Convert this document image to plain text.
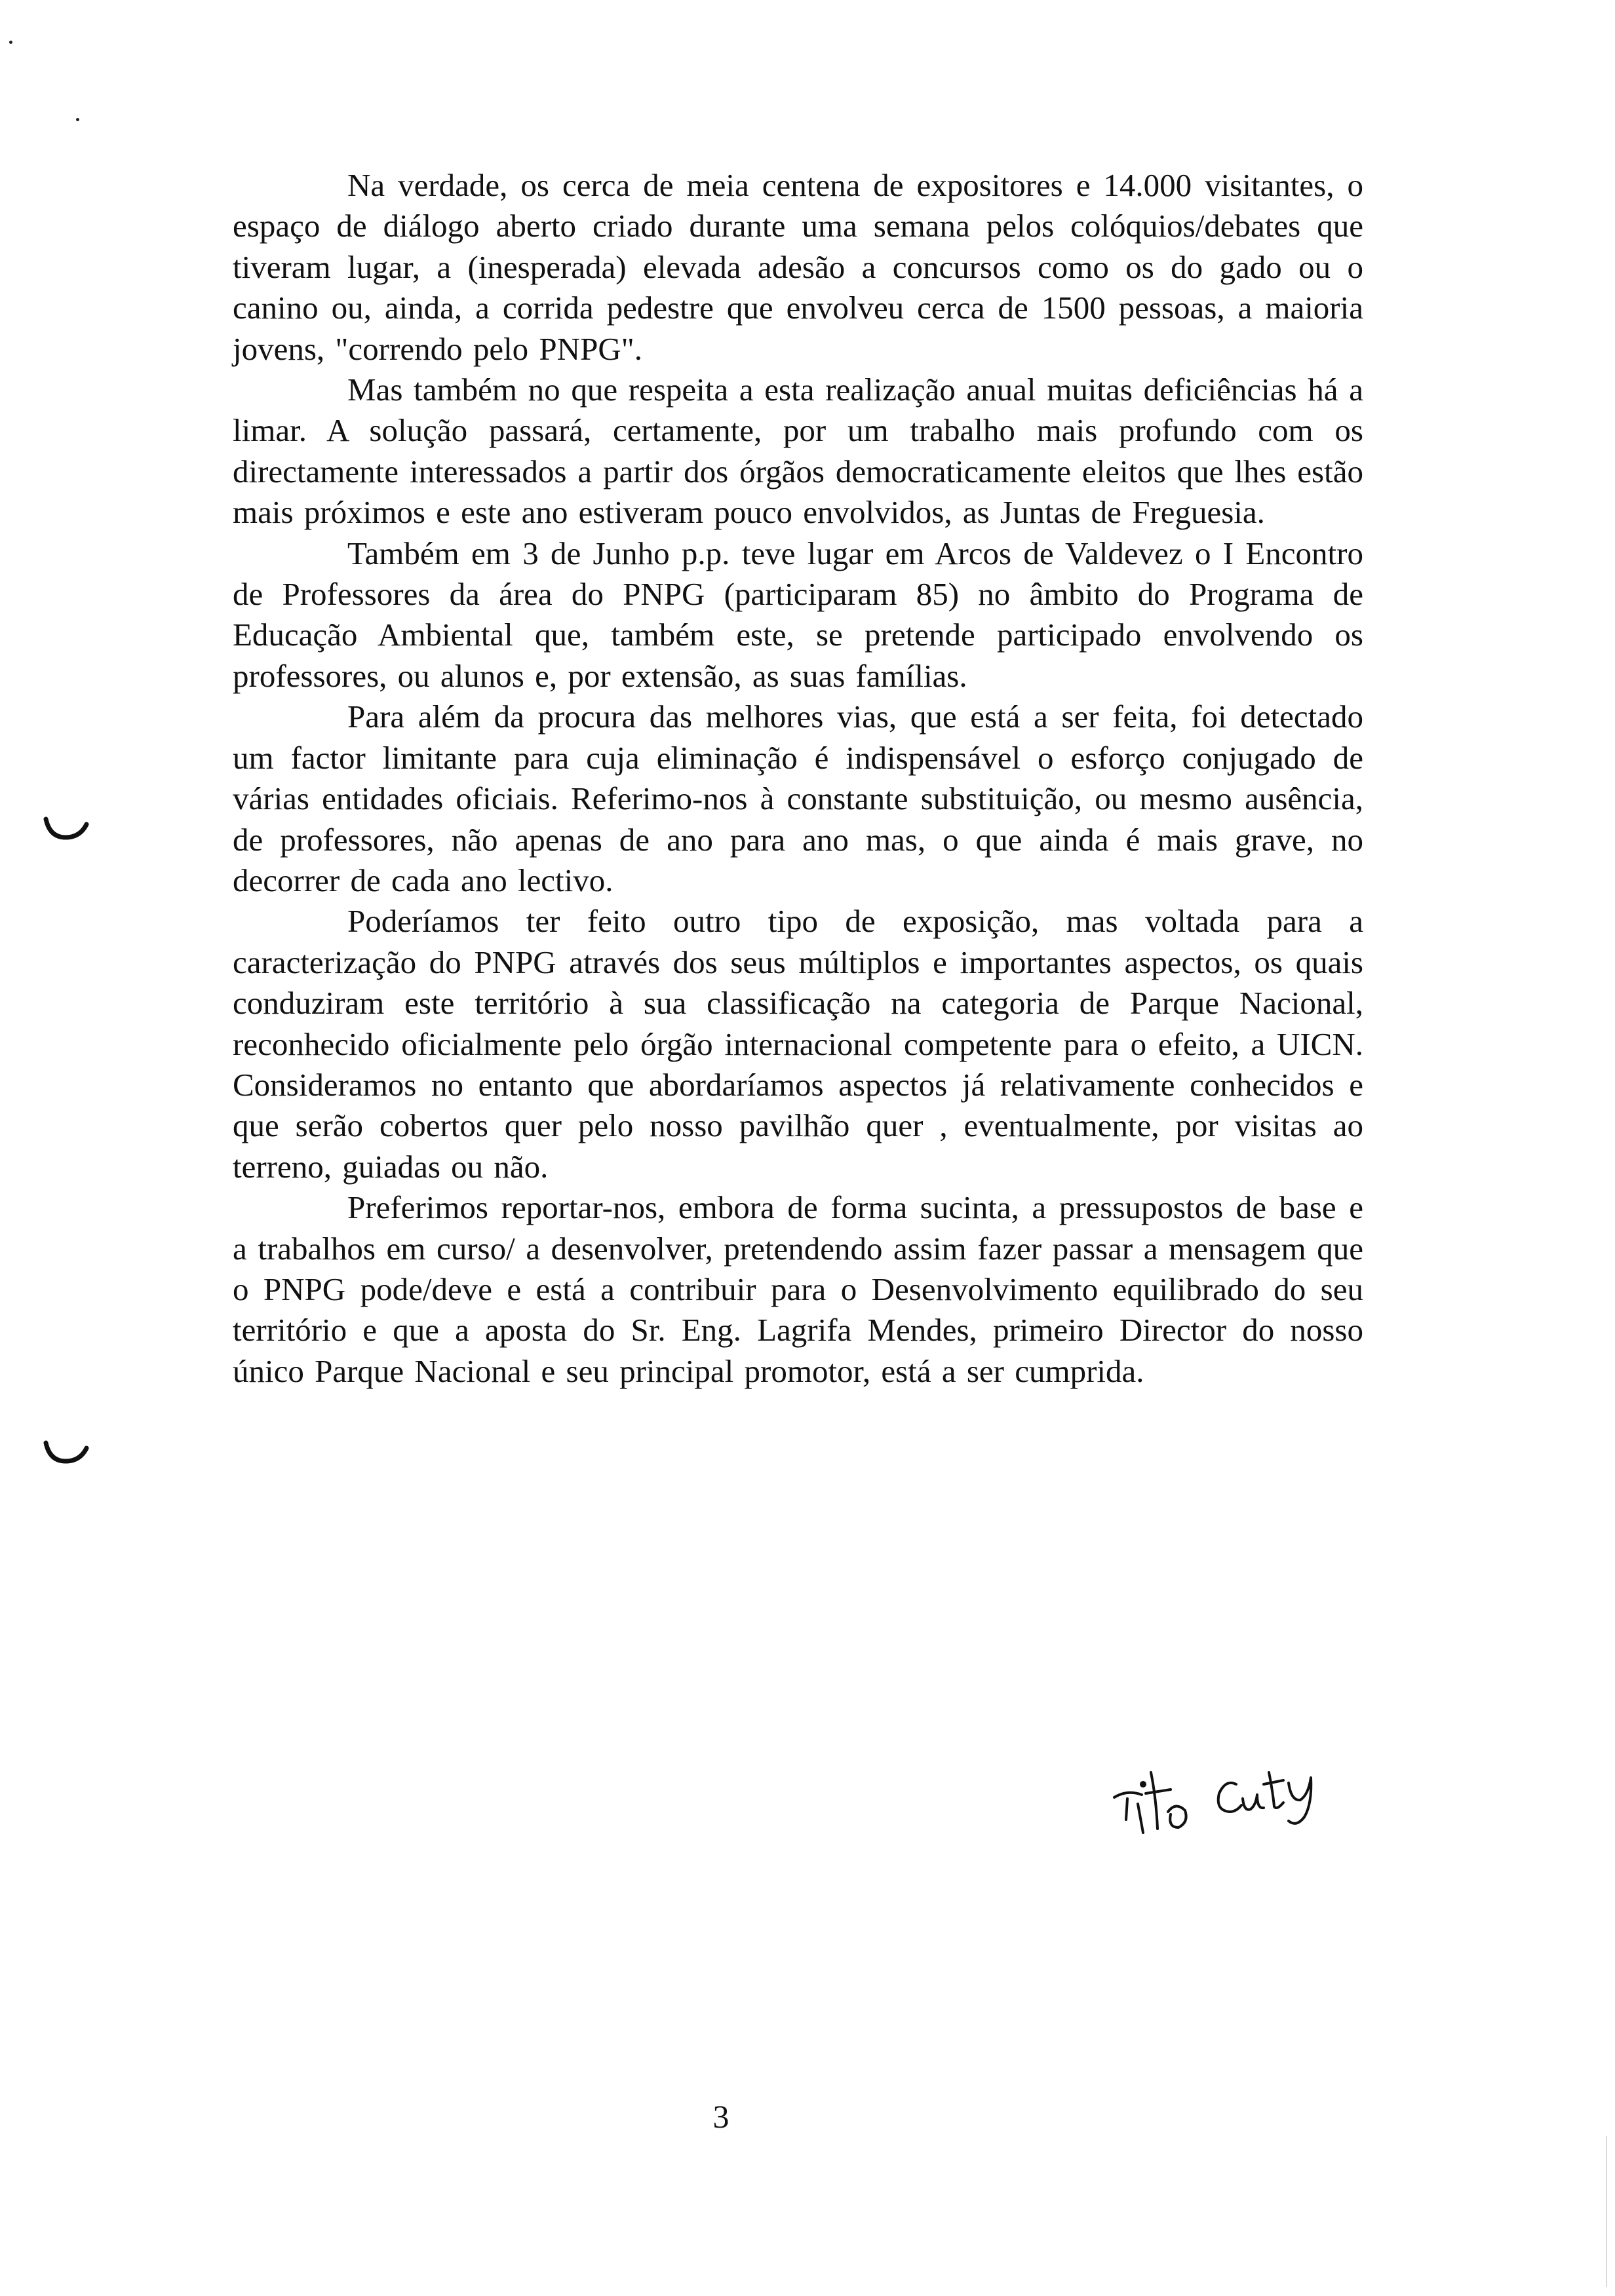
Na verdade, os cerca de meia centena de expositores e 14.000 visitantes, o espaço de diálogo aberto criado durante uma semana pelos colóquios/debates que tiveram lugar, a (inesperada) elevada adesão a concursos como os do gado ou o canino ou, ainda, a corrida pedestre que envolveu cerca de 1500 pessoas, a maioria jovens, "correndo pelo PNPG".

Mas também no que respeita a esta realização anual muitas deficiências há a limar. A solução passará, certamente, por um trabalho mais profundo com os directamente interessados a partir dos órgãos democraticamente eleitos que lhes estão mais próximos e este ano estiveram pouco envolvidos, as Juntas de Freguesia.

Também em 3 de Junho p.p. teve lugar em Arcos de Valdevez o I Encontro de Professores da área do PNPG (participaram 85) no âmbito do Programa de Educação Ambiental que, também este, se pretende participado envolvendo os professores, ou alunos e, por extensão, as suas famílias.

Para além da procura das melhores vias, que está a ser feita, foi detectado um factor limitante para cuja eliminação é indispensável o esforço conjugado de várias entidades oficiais. Referimo-nos à constante substituição, ou mesmo ausência, de professores, não apenas de ano para ano mas, o que ainda é mais grave, no decorrer de cada ano lectivo.

Poderíamos ter feito outro tipo de exposição, mas voltada para a caracterização do PNPG através dos seus múltiplos e importantes aspectos, os quais conduziram este território à sua classificação na categoria de Parque Nacional, reconhecido oficialmente pelo órgão internacional competente para o efeito, a UICN. Consideramos no entanto que abordaríamos aspectos já relativamente conhecidos e que serão cobertos quer pelo nosso pavilhão quer , eventualmente, por visitas ao terreno, guiadas ou não.

Preferimos reportar-nos, embora de forma sucinta, a pressupostos de base e a trabalhos em curso/ a desenvolver, pretendendo assim fazer passar a mensagem que o PNPG pode/deve e está a contribuir para o Desenvolvimento equilibrado do seu território e que a aposta do Sr. Eng. Lagrifa Mendes, primeiro Director do nosso único Parque Nacional e seu principal promotor, está a ser cumprida.

3
